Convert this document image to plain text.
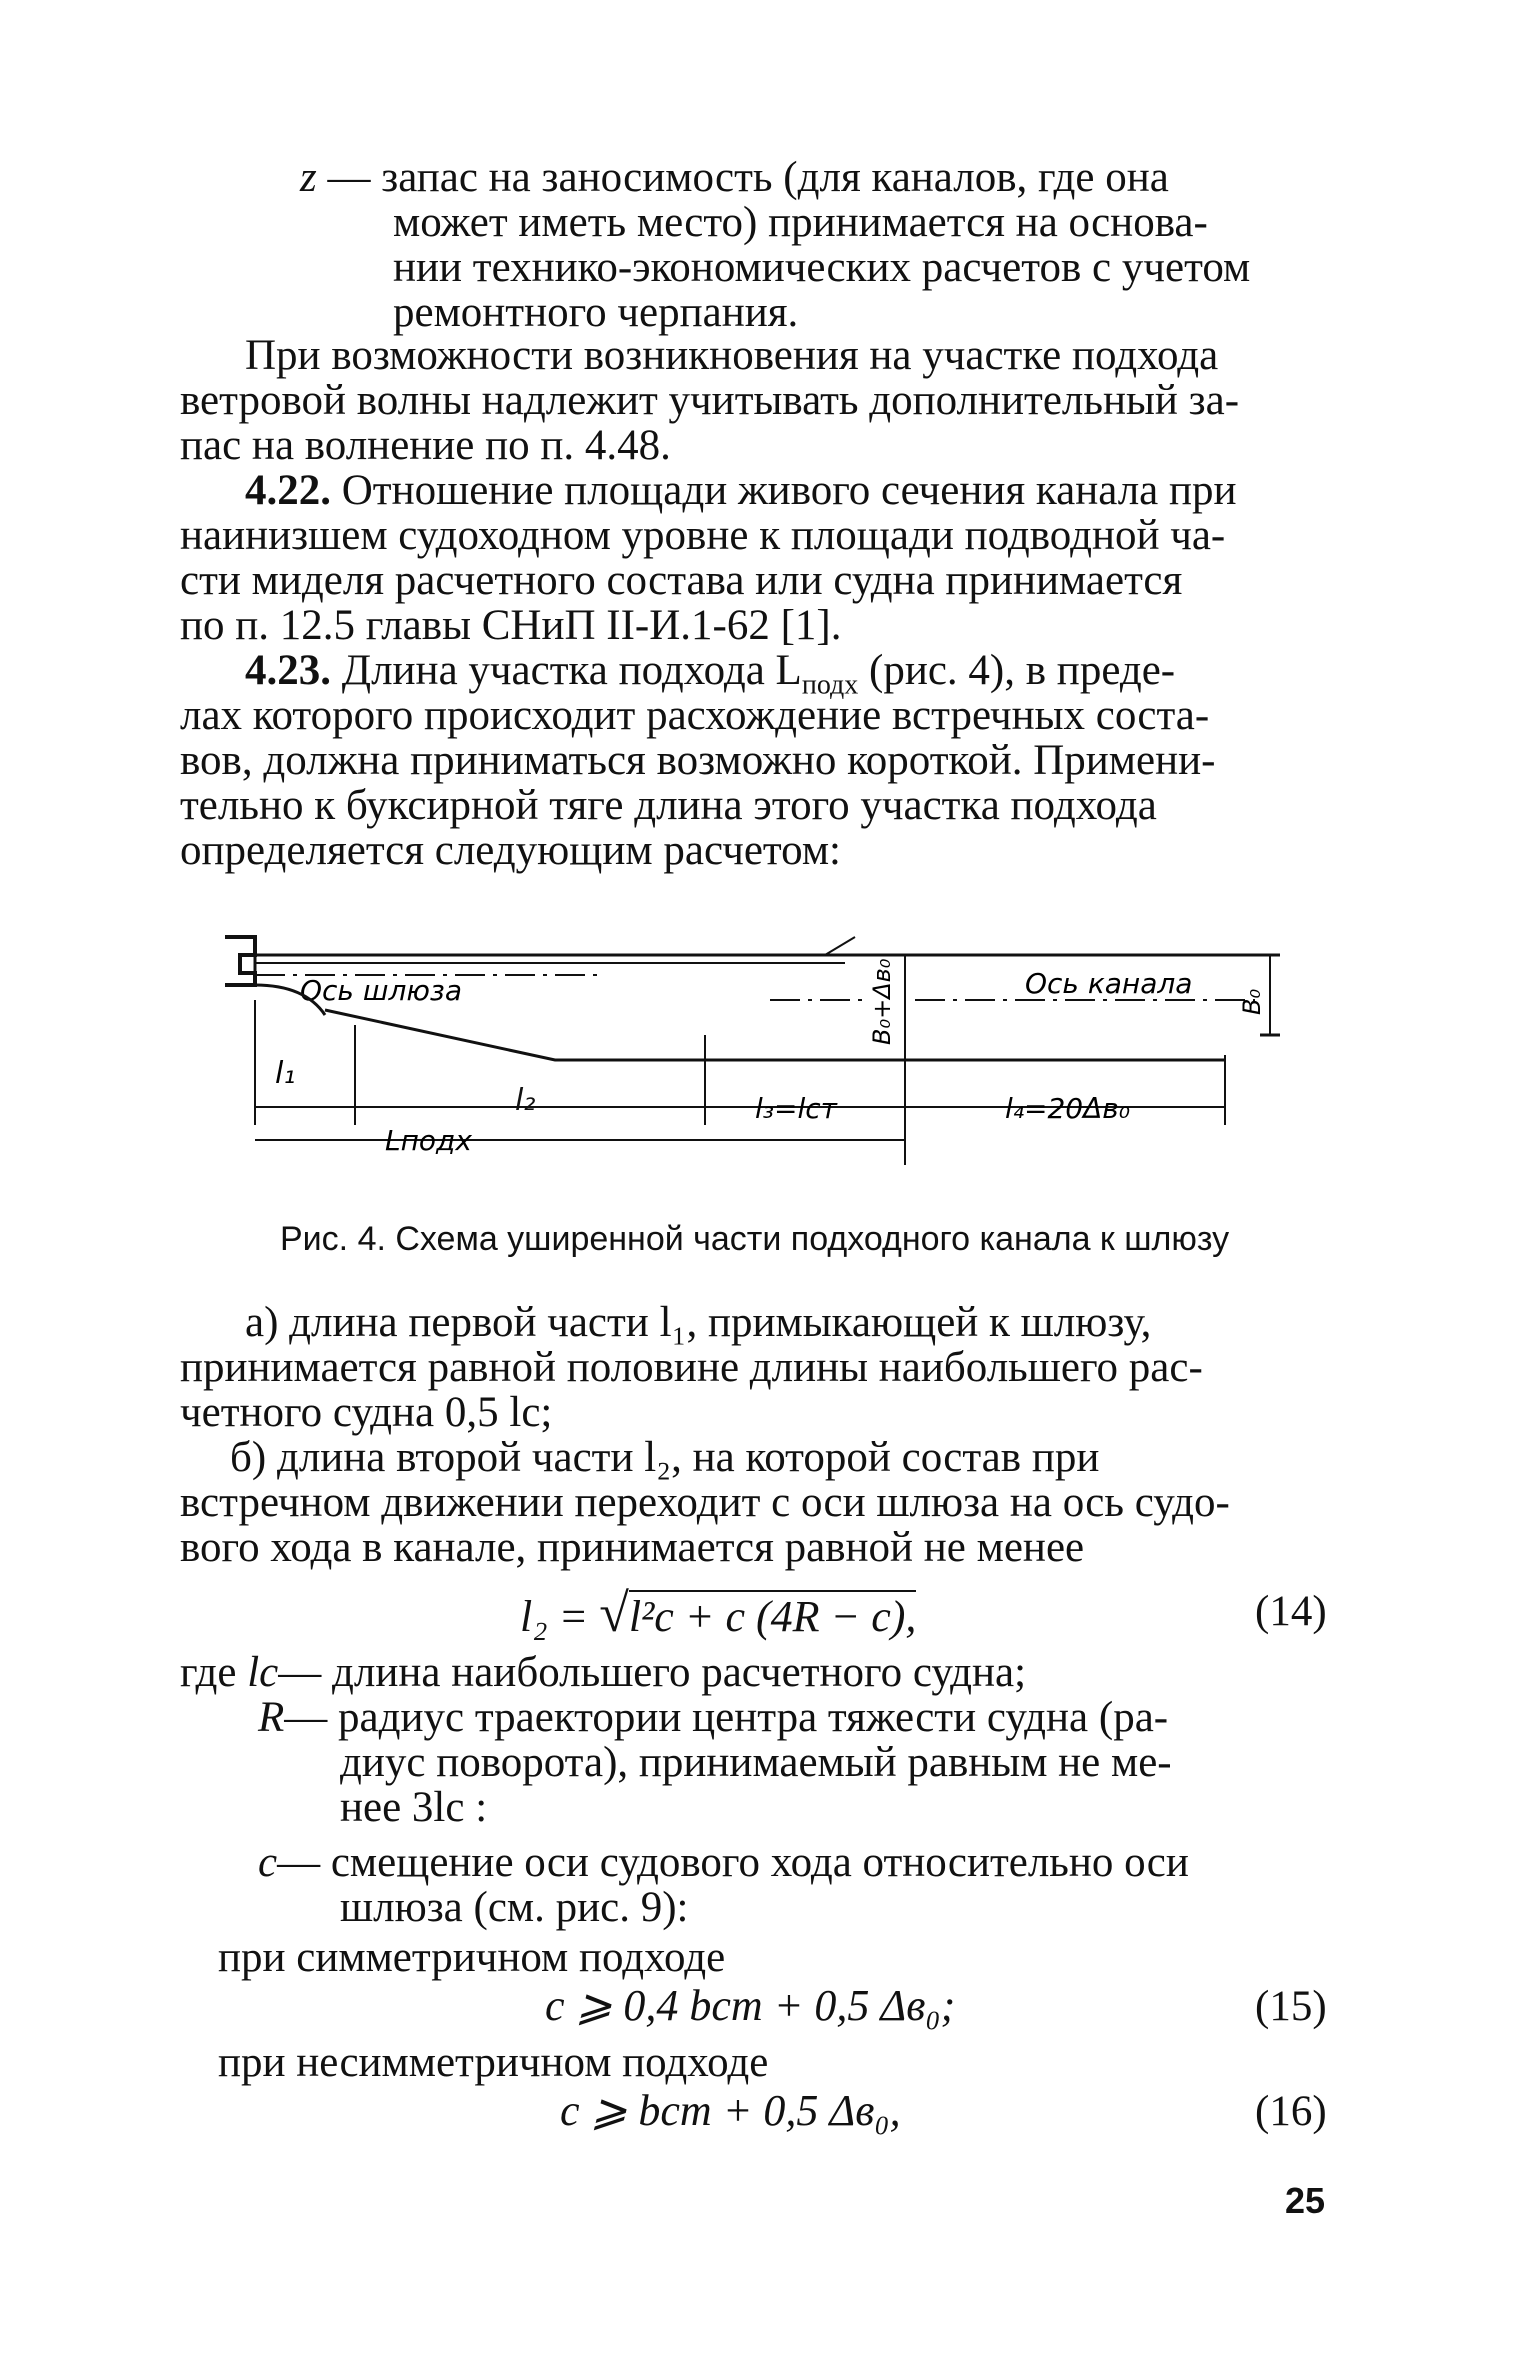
z — запас на заносимость (для каналов, где она
может иметь место) принимается на основа-
нии технико-экономических расчетов с учетом
ремонтного черпания.
При возможности возникновения на участке подхода
ветровой волны надлежит учитывать дополнительный за-
пас на волнение по п. 4.48.
4.22. Отношение площади живого сечения канала при
наинизшем судоходном уровне к площади подводной ча-
сти миделя расчетного состава или судна принимается
по п. 12.5 главы СНиП II-И.1-62 [1].
4.23. Длина участка подхода $L_{подх}$ (рис. 4), в преде-
лах которого происходит расхождение встречных соста-
вов, должна приниматься возможно короткой. Примени-
тельно к буксирной тяге длина этого участка подхода
определяется следующим расчетом:
Ось шлюза	Ось канала
B₀+Δв₀	B₀
l₁
l₂	l₃=lст	l₄=20Δв₀
Lподх
Рис. 4. Схема уширенной части подходного канала к шлюзу
а) длина первой части l₁, примыкающей к шлюзу,
принимается равной половине длины наибольшего рас-
четного судна 0,5 lс;
б) длина второй части l₂, на которой состав при
встречном движении переходит с оси шлюза на ось судо-
вого хода в канале, принимается равной не менее
l₂ = √l²с + c (4R − c),	(14)
где lс— длина наибольшего расчетного судна;
R— радиус траектории центра тяжести судна (ра-
диус поворота), принимаемый равным не ме-
нее 3lс :
c— смещение оси судового хода относительно оси
шлюза (см. рис. 9):
при симметричном подходе
c ⩾ 0,4 bст + 0,5 Δв₀;	(15)
при несимметричном подходе
c ⩾ bст + 0,5 Δв₀,	(16)
25
